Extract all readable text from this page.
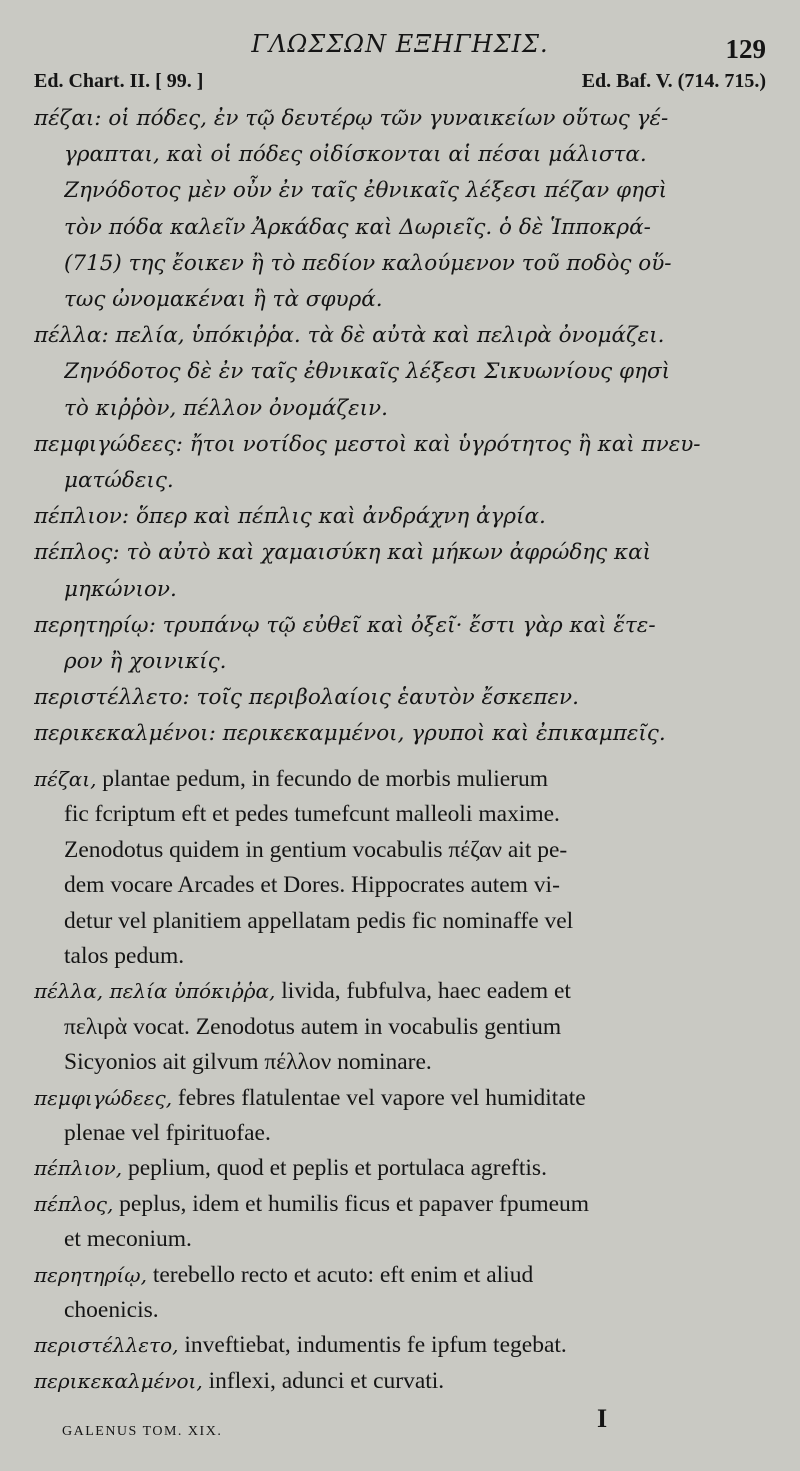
ΓΛΩΣΣΩΝ ΕΞΗΓΗΣΙΣ.	129
Ed. Chart. II. [ 99. ]	Ed. Baf. V. (714. 715.)
πέζαι: οἱ πόδες, ἐν τῷ δευτέρῳ τῶν γυναικείων οὕτως γέ-
γραπται, καὶ οἱ πόδες οἰδίσκονται αἱ πέσαι μάλιστα.
Ζηνόδοτος μὲν οὖν ἐν ταῖς ἐθνικαῖς λέξεσι πέζαν φησὶ
τὸν πόδα καλεῖν Ἀρκάδας καὶ Δωριεῖς. ὁ δὲ Ἱπποκρά-
(715) της ἔοικεν ἢ τὸ πεδίον καλούμενον τοῦ ποδὸς οὕ-
τως ὠνομακέναι ἢ τὰ σφυρά.
πέλλα: πελία, ὑπόκιῤῥα. τὰ δὲ αὐτὰ καὶ πελιρὰ ὀνομάζει.
Ζηνόδοτος δὲ ἐν ταῖς ἐθνικαῖς λέξεσι Σικυωνίους φησὶ
τὸ κιῤῥὸν, πέλλον ὀνομάζειν.
πεμφιγώδεες: ἤτοι νοτίδος μεστοὶ καὶ ὑγρότητος ἢ καὶ πνευ-
ματώδεις.
πέπλιον: ὅπερ καὶ πέπλις καὶ ἀνδράχνη ἀγρία.
πέπλος: τὸ αὐτὸ καὶ χαμαισύκη καὶ μήκων ἀφρώδης καὶ
μηκώνιον.
περητηρίῳ: τρυπάνῳ τῷ εὐθεῖ καὶ ὀξεῖ· ἔστι γὰρ καὶ ἕτε-
ρον ἢ χοινικίς.
περιστέλλετο: τοῖς περιβολαίοις ἑαυτὸν ἔσκεπεν.
περικεκαλμένοι: περικεκαμμένοι, γρυποὶ καὶ ἐπικαμπεῖς.
πέζαι, plantae pedum, in fecundo de morbis mulierum
fic fcriptum eft et pedes tumefcunt malleoli maxime.
Zenodotus quidem in gentium vocabulis πέζαν ait pe-
dem vocare Arcades et Dores. Hippocrates autem vi-
detur vel planitiem appellatam pedis fic nominaffe vel
talos pedum.
πέλλα, πελία ὑπόκιῤῥα, livida, fubfulva, haec eadem et
πελιρὰ vocat. Zenodotus autem in vocabulis gentium
Sicyonios ait gilvum πέλλον nominare.
πεμφιγώδεες, febres flatulentae vel vapore vel humiditate
plenae vel fpirituofae.
πέπλιον, peplium, quod et peplis et portulaca agreftis.
πέπλος, peplus, idem et humilis ficus et papaver fpumeum
et meconium.
περητηρίῳ, terebello recto et acuto: eft enim et aliud
choenicis.
περιστέλλετο, inveftiebat, indumentis fe ipfum tegebat.
περικεκαλμένοι, inflexi, adunci et curvati.
GALENUS TOM. XIX.	I
